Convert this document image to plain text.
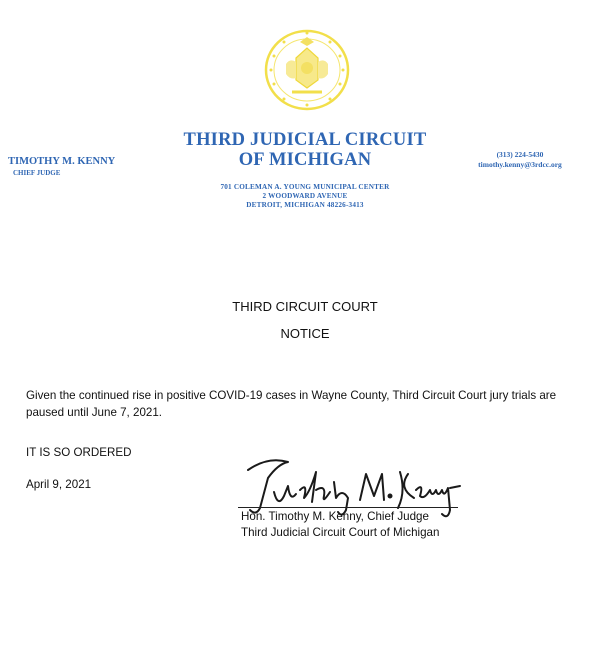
THIRD JUDICIAL CIRCUIT
OF MICHIGAN
TIMOTHY M. KENNY
CHIEF JUDGE
(313) 224-5430
timothy.kenny@3rdcc.org
701 COLEMAN A. YOUNG MUNICIPAL CENTER
2 WOODWARD AVENUE
DETROIT, MICHIGAN 48226-3413
THIRD CIRCUIT COURT
NOTICE
Given the continued rise in positive COVID-19 cases in Wayne County, Third Circuit Court jury trials are paused until June 7, 2021.
IT IS SO ORDERED
April 9, 2021
Hon. Timothy M. Kenny, Chief Judge
Third Judicial Circuit Court of Michigan
